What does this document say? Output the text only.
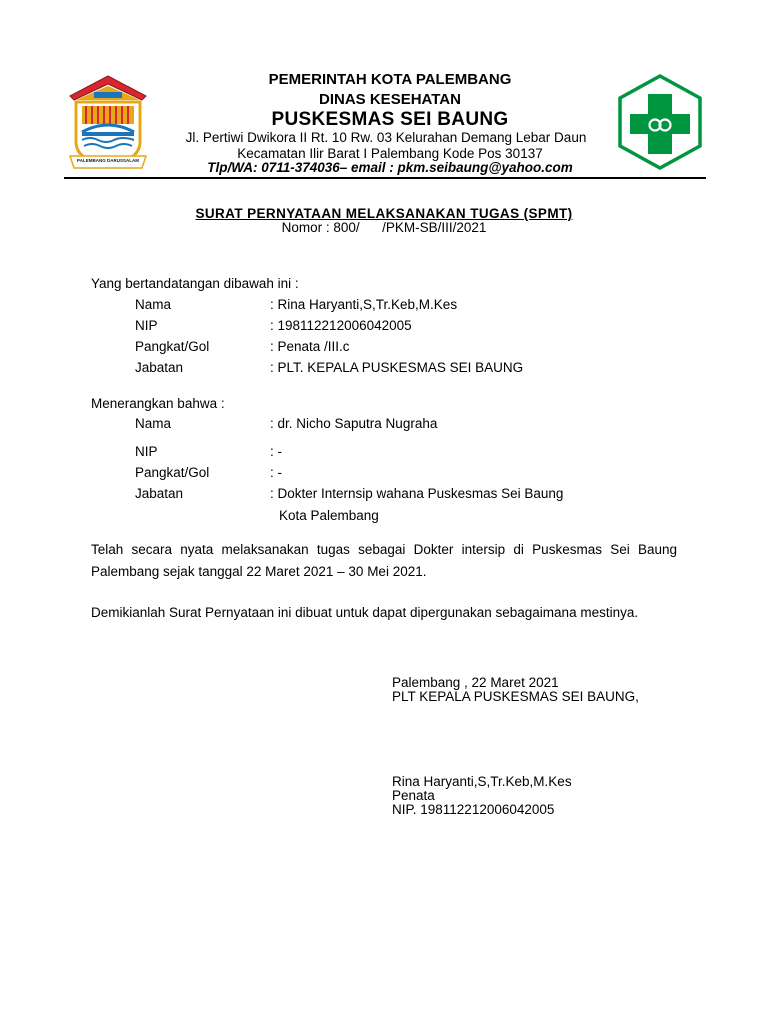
PALEMBANG DARUSSALAM
PEMERINTAH KOTA PALEMBANG
DINAS KESEHATAN
PUSKESMAS SEI BAUNG
Jl. Pertiwi Dwikora II Rt. 10 Rw. 03 Kelurahan Demang Lebar Daun
Kecamatan Ilir Barat I Palembang Kode Pos 30137
Tlp/WA: 0711-374036– email : pkm.seibaung@yahoo.com
SURAT PERNYATAAN MELAKSANAKAN TUGAS (SPMT)
Nomor : 800/      /PKM-SB/III/2021
Yang bertandatangan dibawah ini :
Nama	: Rina Haryanti,S,Tr.Keb,M.Kes
NIP	: 198112212006042005
Pangkat/Gol	: Penata /III.c
Jabatan	: PLT. KEPALA PUSKESMAS SEI BAUNG
Menerangkan bahwa :
Nama	: dr. Nicho Saputra Nugraha
NIP	: -
Pangkat/Gol	: -
Jabatan	: Dokter Internsip wahana Puskesmas Sei Baung
Kota Palembang
Telah secara nyata melaksanakan tugas sebagai Dokter intersip di Puskesmas Sei Baung Palembang sejak tanggal 22 Maret 2021 – 30 Mei 2021.
Demikianlah Surat Pernyataan ini dibuat untuk dapat dipergunakan sebagaimana mestinya.
Palembang , 22 Maret 2021
PLT KEPALA PUSKESMAS SEI BAUNG,
Rina Haryanti,S,Tr.Keb,M.Kes
Penata
NIP. 198112212006042005
